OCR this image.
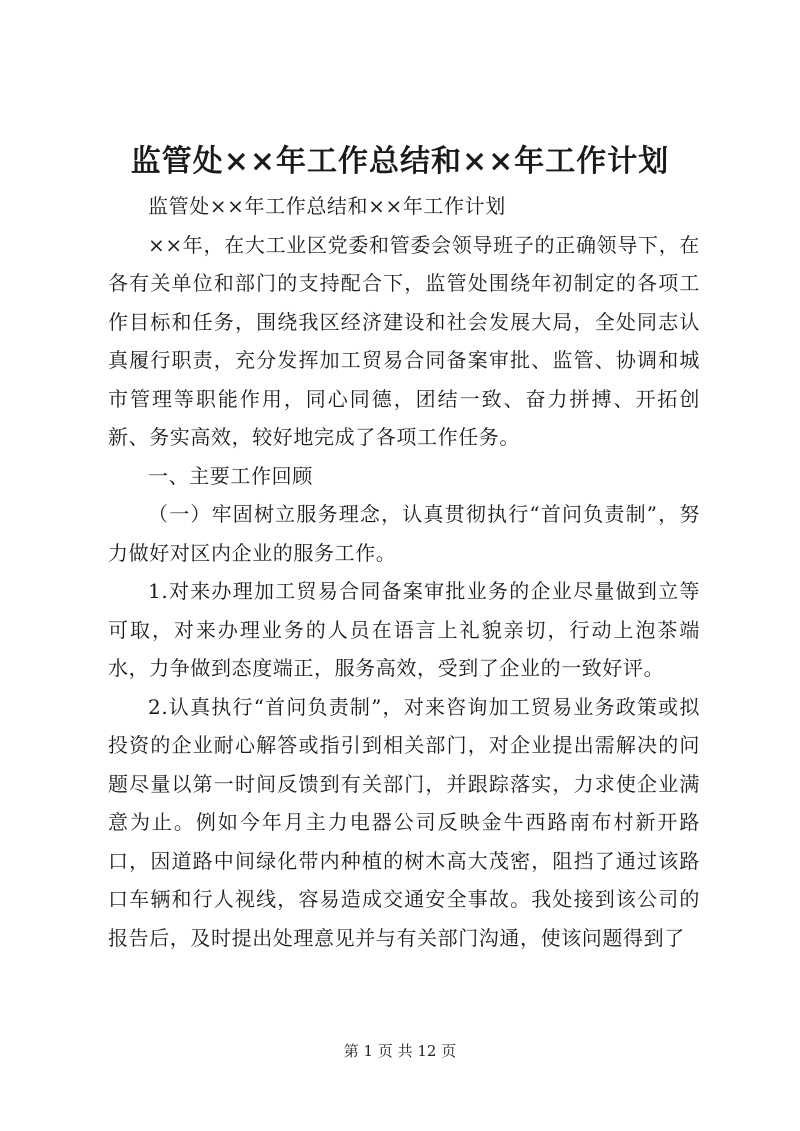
监管处××年工作总结和××年工作计划

监管处××年工作总结和××年工作计划

××年，在大工业区党委和管委会领导班子的正确领导下，在各有关单位和部门的支持配合下，监管处围绕年初制定的各项工作目标和任务，围绕我区经济建设和社会发展大局，全处同志认真履行职责，充分发挥加工贸易合同备案审批、监管、协调和城市管理等职能作用，同心同德，团结一致、奋力拼搏、开拓创新、务实高效，较好地完成了各项工作任务。

一、主要工作回顾

（一）牢固树立服务理念，认真贯彻执行“首问负责制”，努力做好对区内企业的服务工作。

1.对来办理加工贸易合同备案审批业务的企业尽量做到立等可取，对来办理业务的人员在语言上礼貌亲切，行动上泡茶端水，力争做到态度端正，服务高效，受到了企业的一致好评。

2.认真执行“首问负责制”，对来咨询加工贸易业务政策或拟投资的企业耐心解答或指引到相关部门，对企业提出需解决的问题尽量以第一时间反馈到有关部门，并跟踪落实，力求使企业满意为止。例如今年月主力电器公司反映金牛西路南布村新开路口，因道路中间绿化带内种植的树木高大茂密，阻挡了通过该路口车辆和行人视线，容易造成交通安全事故。我处接到该公司的报告后，及时提出处理意见并与有关部门沟通，使该问题得到了

第 1 页 共 12 页
